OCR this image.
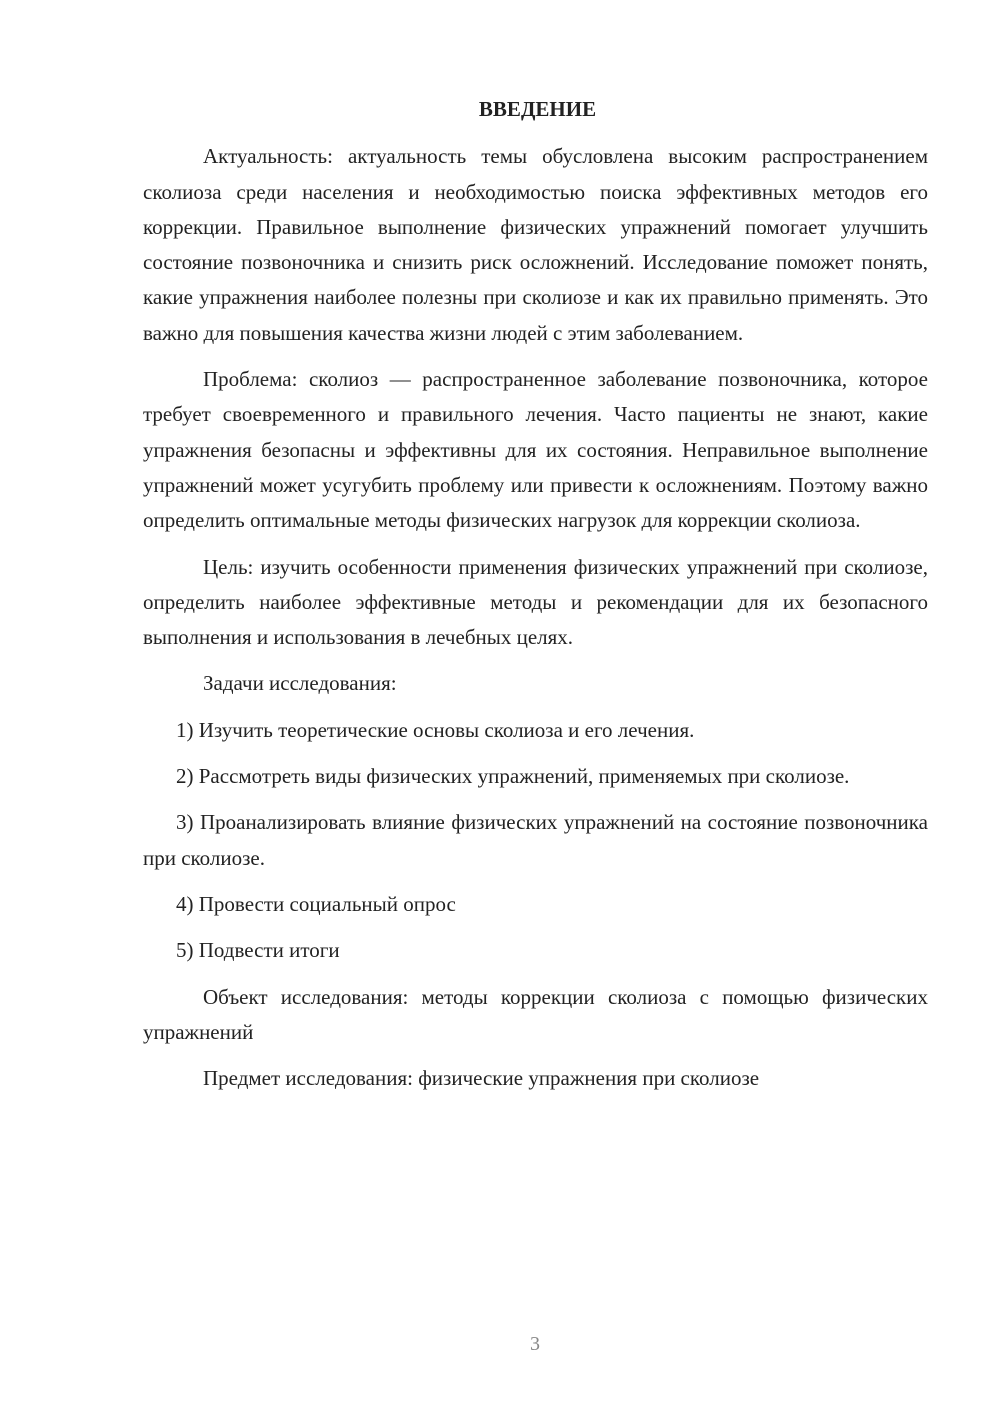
ВВЕДЕНИЕ

Актуальность: актуальность темы обусловлена высоким распространением сколиоза среди населения и необходимостью поиска эффективных методов его коррекции. Правильное выполнение физических упражнений помогает улучшить состояние позвоночника и снизить риск осложнений. Исследование поможет понять, какие упражнения наиболее полезны при сколиозе и как их правильно применять. Это важно для повышения качества жизни людей с этим заболеванием.

Проблема: сколиоз — распространенное заболевание позвоночника, которое требует своевременного и правильного лечения. Часто пациенты не знают, какие упражнения безопасны и эффективны для их состояния. Неправильное выполнение упражнений может усугубить проблему или привести к осложнениям. Поэтому важно определить оптимальные методы физических нагрузок для коррекции сколиоза.

Цель: изучить особенности применения физических упражнений при сколиозе, определить наиболее эффективные методы и рекомендации для их безопасного выполнения и использования в лечебных целях.

Задачи исследования:

1) Изучить теоретические основы сколиоза и его лечения.

2) Рассмотреть виды физических упражнений, применяемых при сколиозе.

3) Проанализировать влияние физических упражнений на состояние позвоночника при сколиозе.

4) Провести социальный опрос

5) Подвести итоги

Объект исследования: методы коррекции сколиоза с помощью физических упражнений

Предмет исследования: физические упражнения при сколиозе

3
